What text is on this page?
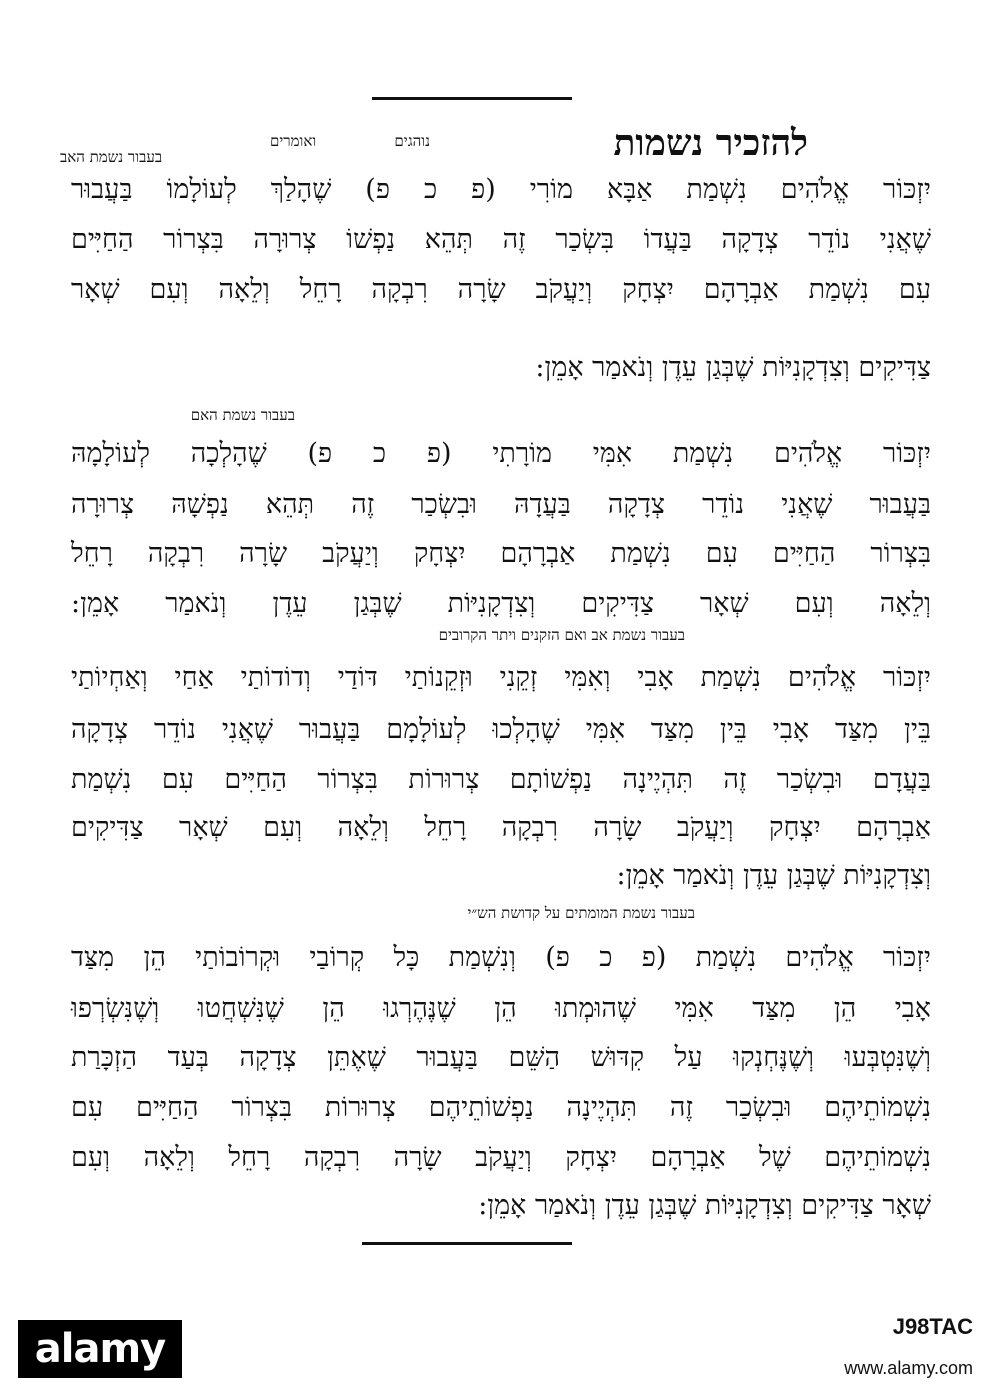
נוהגים	להזכיר נשמות
ואומרים
בעבור נשמת האב
יִזְכּוֹר אֱלֹהִים נִשְׁמַת אַבָּא מוֹרִי (פ כ פ) שֶׁהָלַךְ לְעוֹלָמוֹ בַּעֲבוּר
שֶׁאֲנִי נוֹדֵר צְדָקָה בַּעֲדוֹ בִּשְׂכַר זֶה תְּהֵא נַפְשׁוֹ צְרוּרָה בִּצְרוֹר הַחַיִּים
עִם נִשְׁמַת אַבְרָהָם יִצְחָק וְיַעֲקֹב שָׂרָה רִבְקָה רָחֵל וְלֵאָה וְעִם שְׁאָר
צַדִּיקִים וְצִדְקָנִיּוֹת שֶׁבְּגַן עֵדֶן וְנֹאמַר אָמֵן:
בעבור נשמת האם
יִזְכּוֹר אֱלֹהִים נִשְׁמַת אִמִּי מוֹרָתִי (פ כ פ) שֶׁהָלְכָה לְעוֹלָמָהּ
בַּעֲבוּר שֶׁאֲנִי נוֹדֵר צְדָקָה בַּעֲדָהּ וּבִשְׂכַר זֶה תְּהֵא נַפְשָׁהּ צְרוּרָה
בִּצְרוֹר הַחַיִּים עִם נִשְׁמַת אַבְרָהָם יִצְחָק וְיַעֲקֹב שָׂרָה רִבְקָה רָחֵל
וְלֵאָה וְעִם שְׁאָר צַדִּיקִים וְצִדְקָנִיּוֹת שֶׁבְּגַן עֵדֶן וְנֹאמַר אָמֵן:
בעבור נשמת אב ואם הזקנים ויתר הקרובים
יִזְכּוֹר אֱלֹהִים נִשְׁמַת אָבִי וְאִמִּי זְקֵנִי וּזְקֵנוֹתַי דּוֹדַי וְדוֹדוֹתַי אַחַי וְאַחְיוֹתַי
בֵּין מִצַּד אָבִי בֵּין מִצַּד אִמִּי שֶׁהָלְכוּ לְעוֹלָמָם בַּעֲבוּר שֶׁאֲנִי נוֹדֵר צְדָקָה
בַּעֲדָם וּבִשְׂכַר זֶה תִּהְיֶינָה נַפְשׁוֹתָם צְרוּרוֹת בִּצְרוֹר הַחַיִּים עִם נִשְׁמַת
אַבְרָהָם יִצְחָק וְיַעֲקֹב שָׂרָה רִבְקָה רָחֵל וְלֵאָה וְעִם שְׁאָר צַדִּיקִים
וְצִדְקָנִיּוֹת שֶׁבְּגַן עֵדֶן וְנֹאמַר אָמֵן:
בעבור נשמת המומתים על קדושת הש״י
יִזְכּוֹר אֱלֹהִים נִשְׁמַת (פ כ פ) וְנִשְׁמַת כָּל קְרוֹבַי וּקְרוֹבוֹתַי הֵן מִצַּד
אָבִי הֵן מִצַּד אִמִּי שֶׁהוּמְתוּ הֵן שֶׁנֶּהֶרְגוּ הֵן שֶׁנִּשְׁחֲטוּ וְשֶׁנִּשְׂרְפוּ
וְשֶׁנִּטְבְּעוּ וְשֶׁנֶּחְנְקוּ עַל קִדּוּשׁ הַשֵּׁם בַּעֲבוּר שֶׁאֶתֵּן צְדָקָה בְּעַד הַזְכָּרַת
נִשְׁמוֹתֵיהֶם וּבִשְׂכַר זֶה תִּהְיֶינָה נַפְשׁוֹתֵיהֶם צְרוּרוֹת בִּצְרוֹר הַחַיִּים עִם
נִשְׁמוֹתֵיהֶם שֶׁל אַבְרָהָם יִצְחָק וְיַעֲקֹב שָׂרָה רִבְקָה רָחֵל וְלֵאָה וְעִם
שְׁאָר צַדִּיקִים וְצִדְקָנִיּוֹת שֶׁבְּגַן עֵדֶן וְנֹאמַר אָמֵן:
alamy	J98TAC
www.alamy.com
